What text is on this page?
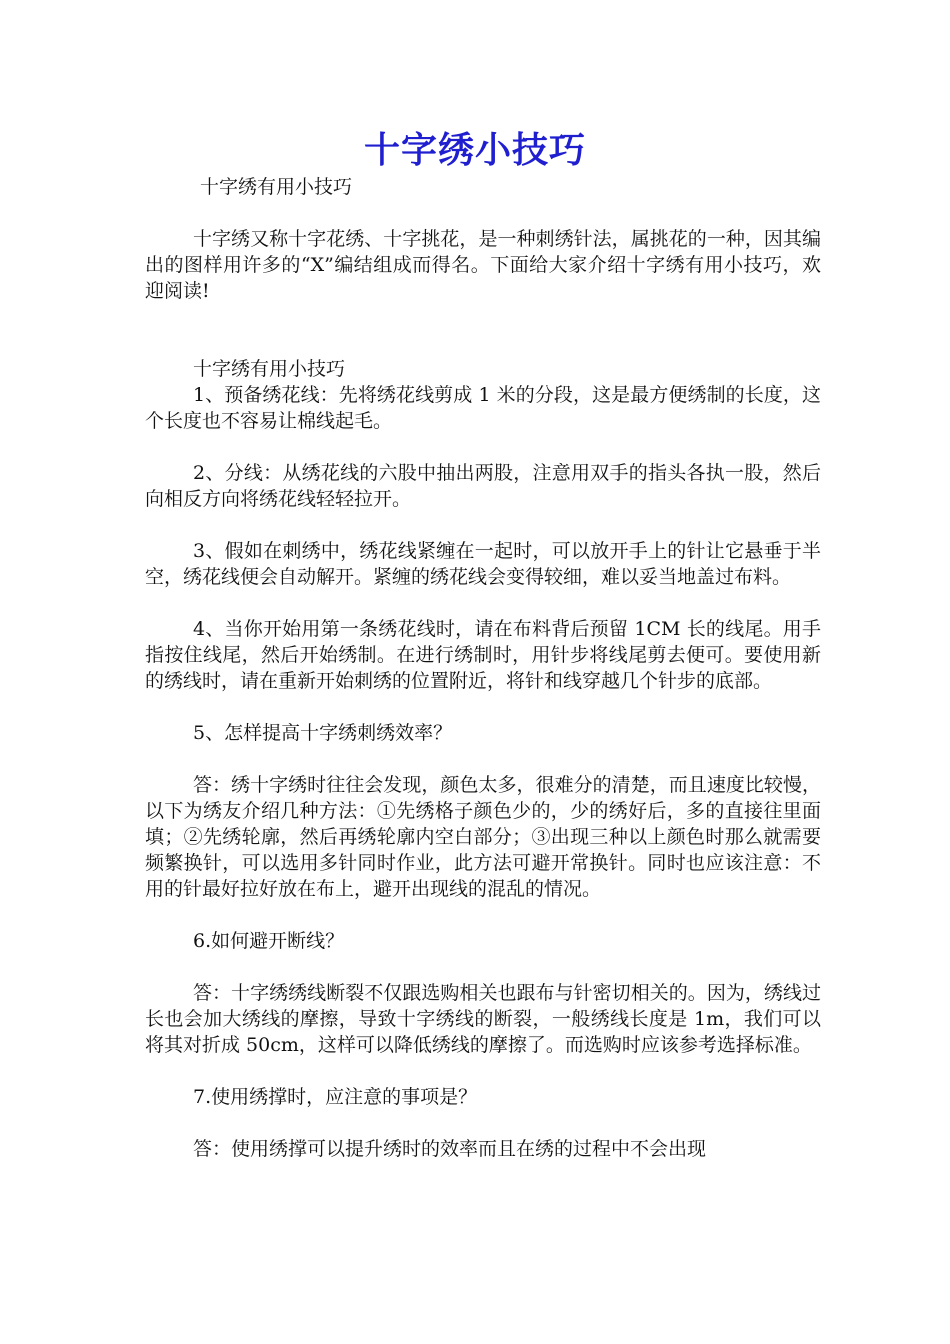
十字绣小技巧
十字绣有用小技巧

十字绣又称十字花绣、十字挑花，是一种刺绣针法，属挑花的一种，因其编出的图样用许多的“X”编结组成而得名。下面给大家介绍十字绣有用小技巧，欢迎阅读!

十字绣有用小技巧

1、预备绣花线：先将绣花线剪成 1 米的分段，这是最方便绣制的长度，这个长度也不容易让棉线起毛。

2、分线：从绣花线的六股中抽出两股，注意用双手的指头各执一股，然后向相反方向将绣花线轻轻拉开。

3、假如在刺绣中，绣花线紧缠在一起时，可以放开手上的针让它悬垂于半空，绣花线便会自动解开。紧缠的绣花线会变得较细，难以妥当地盖过布料。

4、当你开始用第一条绣花线时，请在布料背后预留 1CM 长的线尾。用手指按住线尾，然后开始绣制。在进行绣制时，用针步将线尾剪去便可。要使用新的绣线时，请在重新开始刺绣的位置附近，将针和线穿越几个针步的底部。

5、怎样提高十字绣刺绣效率？

答：绣十字绣时往往会发现，颜色太多，很难分的清楚，而且速度比较慢，以下为绣友介绍几种方法：①先绣格子颜色少的，少的绣好后，多的直接往里面填；②先绣轮廓，然后再绣轮廓内空白部分；③出现三种以上颜色时那么就需要频繁换针，可以选用多针同时作业，此方法可避开常换针。同时也应该注意：不用的针最好拉好放在布上，避开出现线的混乱的情况。

6.如何避开断线？

答：十字绣绣线断裂不仅跟选购相关也跟布与针密切相关的。因为，绣线过长也会加大绣线的摩擦，导致十字绣线的断裂，一般绣线长度是 1m，我们可以将其对折成 50cm，这样可以降低绣线的摩擦了。而选购时应该参考选择标准。

7.使用绣撑时，应注意的事项是？

答：使用绣撑可以提升绣时的效率而且在绣的过程中不会出现
